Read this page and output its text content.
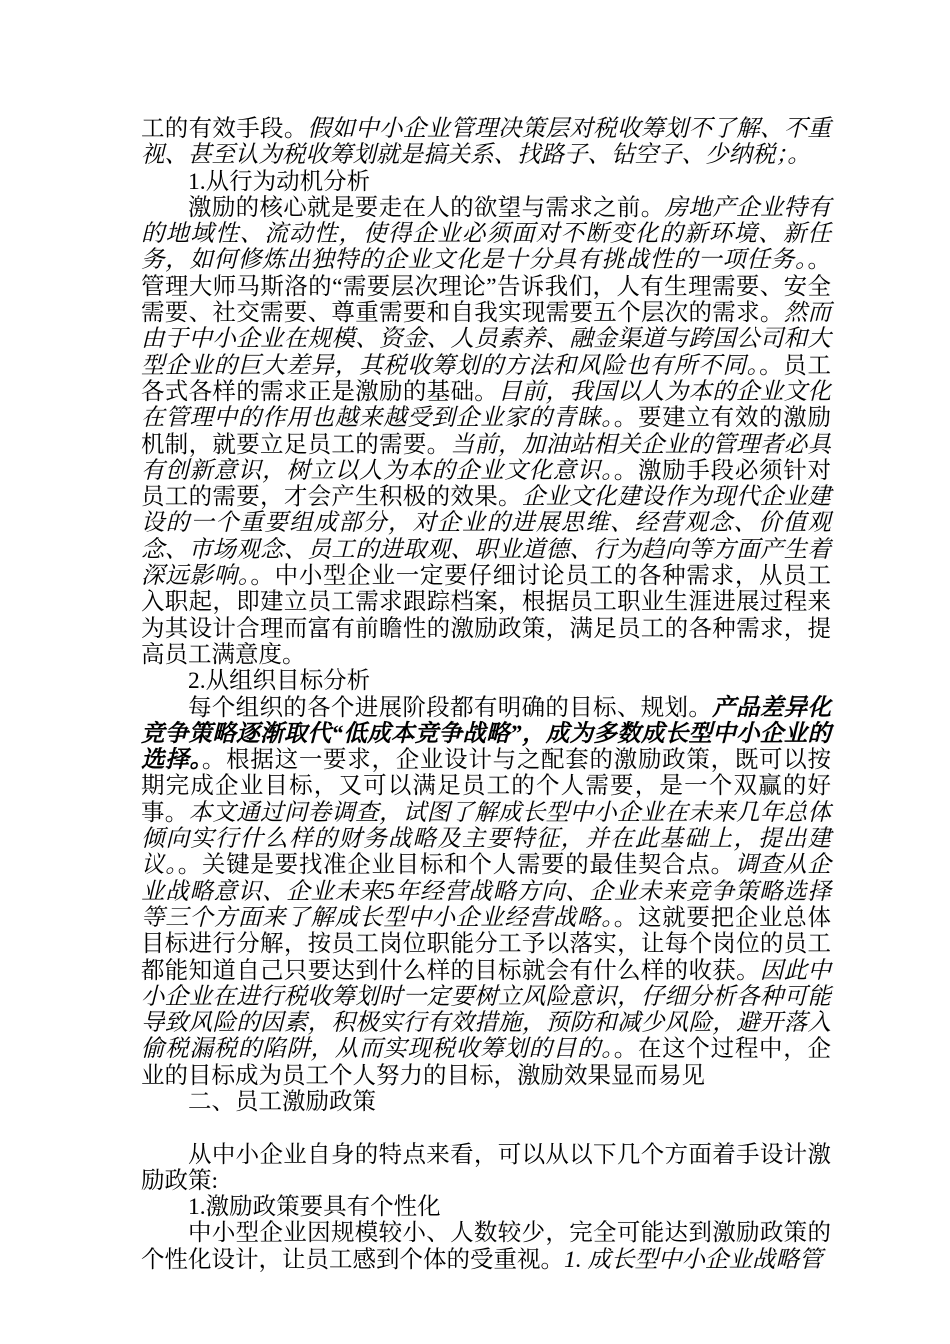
工的有效手段。假如中小企业管理决策层对税收筹划不了解、不重视、甚至认为税收筹划就是搞关系、找路子、钻空子、少纳税；。

1.从行为动机分析

激励的核心就是要走在人的欲望与需求之前。房地产企业特有的地域性、流动性，使得企业必须面对不断变化的新环境、新任务，如何修炼出独特的企业文化是十分具有挑战性的一项任务。。管理大师马斯洛的“需要层次理论”告诉我们，人有生理需要、安全需要、社交需要、尊重需要和自我实现需要五个层次的需求。然而由于中小企业在规模、资金、人员素养、融金渠道与跨国公司和大型企业的巨大差异，其税收筹划的方法和风险也有所不同。。员工各式各样的需求正是激励的基础。目前，我国以人为本的企业文化在管理中的作用也越来越受到企业家的青睐。。要建立有效的激励机制，就要立足员工的需要。当前，加油站相关企业的管理者必具有创新意识，树立以人为本的企业文化意识。。激励手段必须针对员工的需要，才会产生积极的效果。企业文化建设作为现代企业建设的一个重要组成部分，对企业的进展思维、经营观念、价值观念、市场观念、员工的进取观、职业道德、行为趋向等方面产生着深远影响。。中小型企业一定要仔细讨论员工的各种需求，从员工入职起，即建立员工需求跟踪档案，根据员工职业生涯进展过程来为其设计合理而富有前瞻性的激励政策，满足员工的各种需求，提高员工满意度。

2.从组织目标分析

每个组织的各个进展阶段都有明确的目标、规划。产品差异化竞争策略逐渐取代“低成本竞争战略”，成为多数成长型中小企业的选择。。根据这一要求，企业设计与之配套的激励政策，既可以按期完成企业目标，又可以满足员工的个人需要，是一个双赢的好事。本文通过问卷调查，试图了解成长型中小企业在未来几年总体倾向实行什么样的财务战略及主要特征，并在此基础上，提出建议。。关键是要找准企业目标和个人需要的最佳契合点。调查从企业战略意识、企业未来5年经营战略方向、企业未来竞争策略选择等三个方面来了解成长型中小企业经营战略。。这就要把企业总体目标进行分解，按员工岗位职能分工予以落实，让每个岗位的员工都能知道自己只要达到什么样的目标就会有什么样的收获。因此中小企业在进行税收筹划时一定要树立风险意识，仔细分析各种可能导致风险的因素，积极实行有效措施，预防和减少风险，避开落入偷税漏税的陷阱，从而实现税收筹划的目的。。在这个过程中，企业的目标成为员工个人努力的目标，激励效果显而易见

二、员工激励政策

从中小企业自身的特点来看，可以从以下几个方面着手设计激励政策:

1.激励政策要具有个性化

中小型企业因规模较小、人数较少，完全可能达到激励政策的个性化设计，让员工感到个体的受重视。1. 成长型中小企业战略管
